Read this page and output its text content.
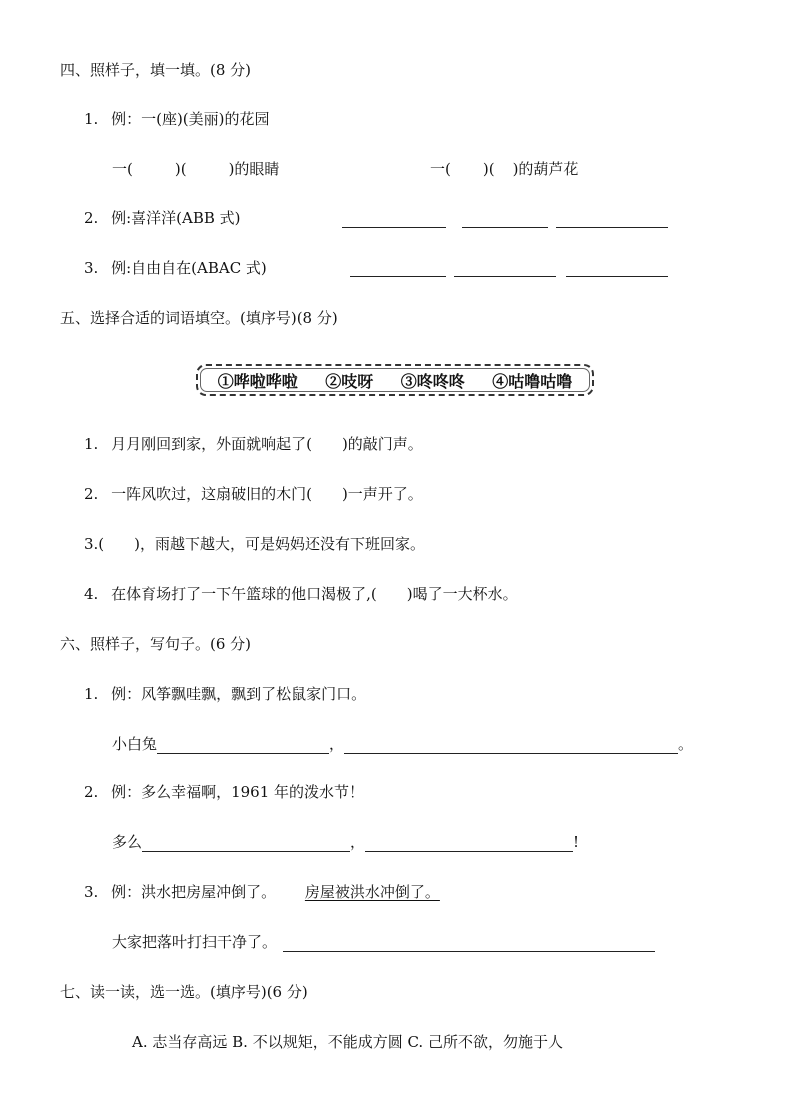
四、照样子，填一填。(8 分)
1. 例：一(座)(美丽)的花园
一(	)(	)的眼睛	一( )( )的葫芦花
2. 例:喜洋洋(ABB 式)
3. 例:自由自在(ABAC 式)
五、选择合适的词语填空。(填序号)(8 分)
①哗啦哗啦 ②吱呀 ③咚咚咚 ④咕噜咕噜
1. 月月刚回到家，外面就响起了( )的敲门声。
2. 一阵风吹过，这扇破旧的木门( )一声开了。
3.( )，雨越下越大，可是妈妈还没有下班回家。
4. 在体育场打了一下午篮球的他口渴极了,( )喝了一大杯水。
六、照样子，写句子。(6 分)
1. 例：风筝飘哇飘，飘到了松鼠家门口。
小白兔	，	。
2. 例：多么幸福啊，1961 年的泼水节！
多么	，	!
3. 例：洪水把房屋冲倒了。 房屋被洪水冲倒了。
大家把落叶打扫干净了。
七、读一读，选一选。(填序号)(6 分)
A. 志当存高远 B. 不以规矩，不能成方圆 C. 己所不欲，勿施于人
